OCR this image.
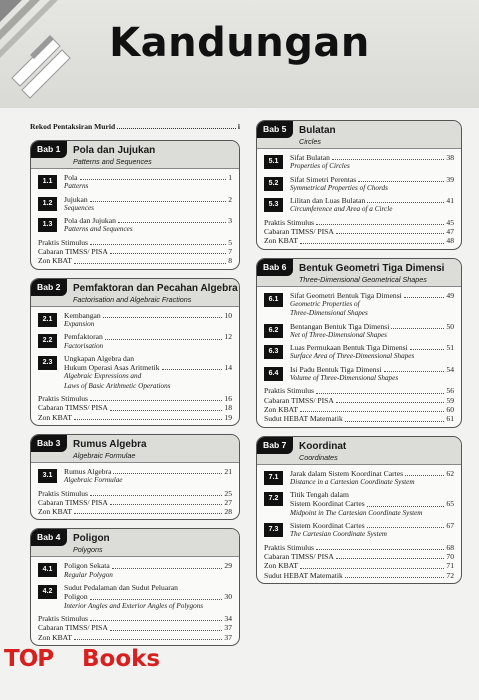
Kandungan
Rekod Pentaksiran Murid	i
Bab 1	Pola dan Jujukan
Patterns and Sequences
1.1	Pola	1
Patterns
1.2	Jujukan	2
Sequences
1.3	Pola dan Jujukan	3
Patterns and Sequences
Praktis Stimulus	5
Cabaran TIMSS/ PISA	7
Zon KBAT	8
Bab 2	Pemfaktoran dan Pecahan Algebra
Factorisation and Algebraic Fractions
2.1	Kembangan	10
Expansion
2.2	Pemfaktoran	12
Factorisation
2.3	Ungkapan Algebra dan
Hukum Operasi Asas Aritmetik	14
Algebraic Expressions and
Laws of Basic Arithmetic Operations
Praktis Stimulus	16
Cabaran TIMSS/ PISA	18
Zon KBAT	19
Bab 3	Rumus Algebra
Algebraic Formulae
3.1	Rumus Algebra	21
Algebraic Formulae
Praktis Stimulus	25
Cabaran TIMSS/ PISA	27
Zon KBAT	28
Bab 4	Poligon
Polygons
4.1	Poligon Sekata	29
Regular Polygon
4.2	Sudut Pedalaman dan Sudut Peluaran
Poligon	30
Interior Angles and Exterior Angles of Polygons
Praktis Stimulus	34
Cabaran TIMSS/ PISA	37
Zon KBAT	37
Bab 5	Bulatan
Circles
5.1	Sifat Bulatan	38
Properties of Circles
5.2	Sifat Simetri Perentas	39
Symmetrical Properties of Chords
5.3	Lilitan dan Luas Bulatan	41
Circumference and Area of a Circle
Praktis Stimulus	45
Cabaran TIMSS/ PISA	47
Zon KBAT	48
Bab 6	Bentuk Geometri Tiga Dimensi
Three-Dimensional Geometrical Shapes
6.1	Sifat Geometri Bentuk Tiga Dimensi	49
Geometric Properties of
Three-Dimensional Shapes
6.2	Bentangan Bentuk Tiga Dimensi	50
Net of Three-Dimensional Shapes
6.3	Luas Permukaan Bentuk Tiga Dimensi	51
Surface Area of Three-Dimensional Shapes
6.4	Isi Padu Bentuk Tiga Dimensi	54
Volume of Three-Dimensional Shapes
Praktis Stimulus	56
Cabaran TIMSS/ PISA	59
Zon KBAT	60
Sudut HEBAT Matematik	61
Bab 7	Koordinat
Coordinates
7.1	Jarak dalam Sistem Koordinat Cartes	62
Distance in a Cartesian Coordinate System
7.2	Titik Tengah dalam
Sistem Koordinat Cartes	65
Midpoint in The Cartesian Coordinate System
7.3	Sistem Koordinat Cartes	67
The Cartesian Coordinate System
Praktis Stimulus	68
Cabaran TIMSS/ PISA	70
Zon KBAT	71
Sudut HEBAT Matematik	72
TOP Books
